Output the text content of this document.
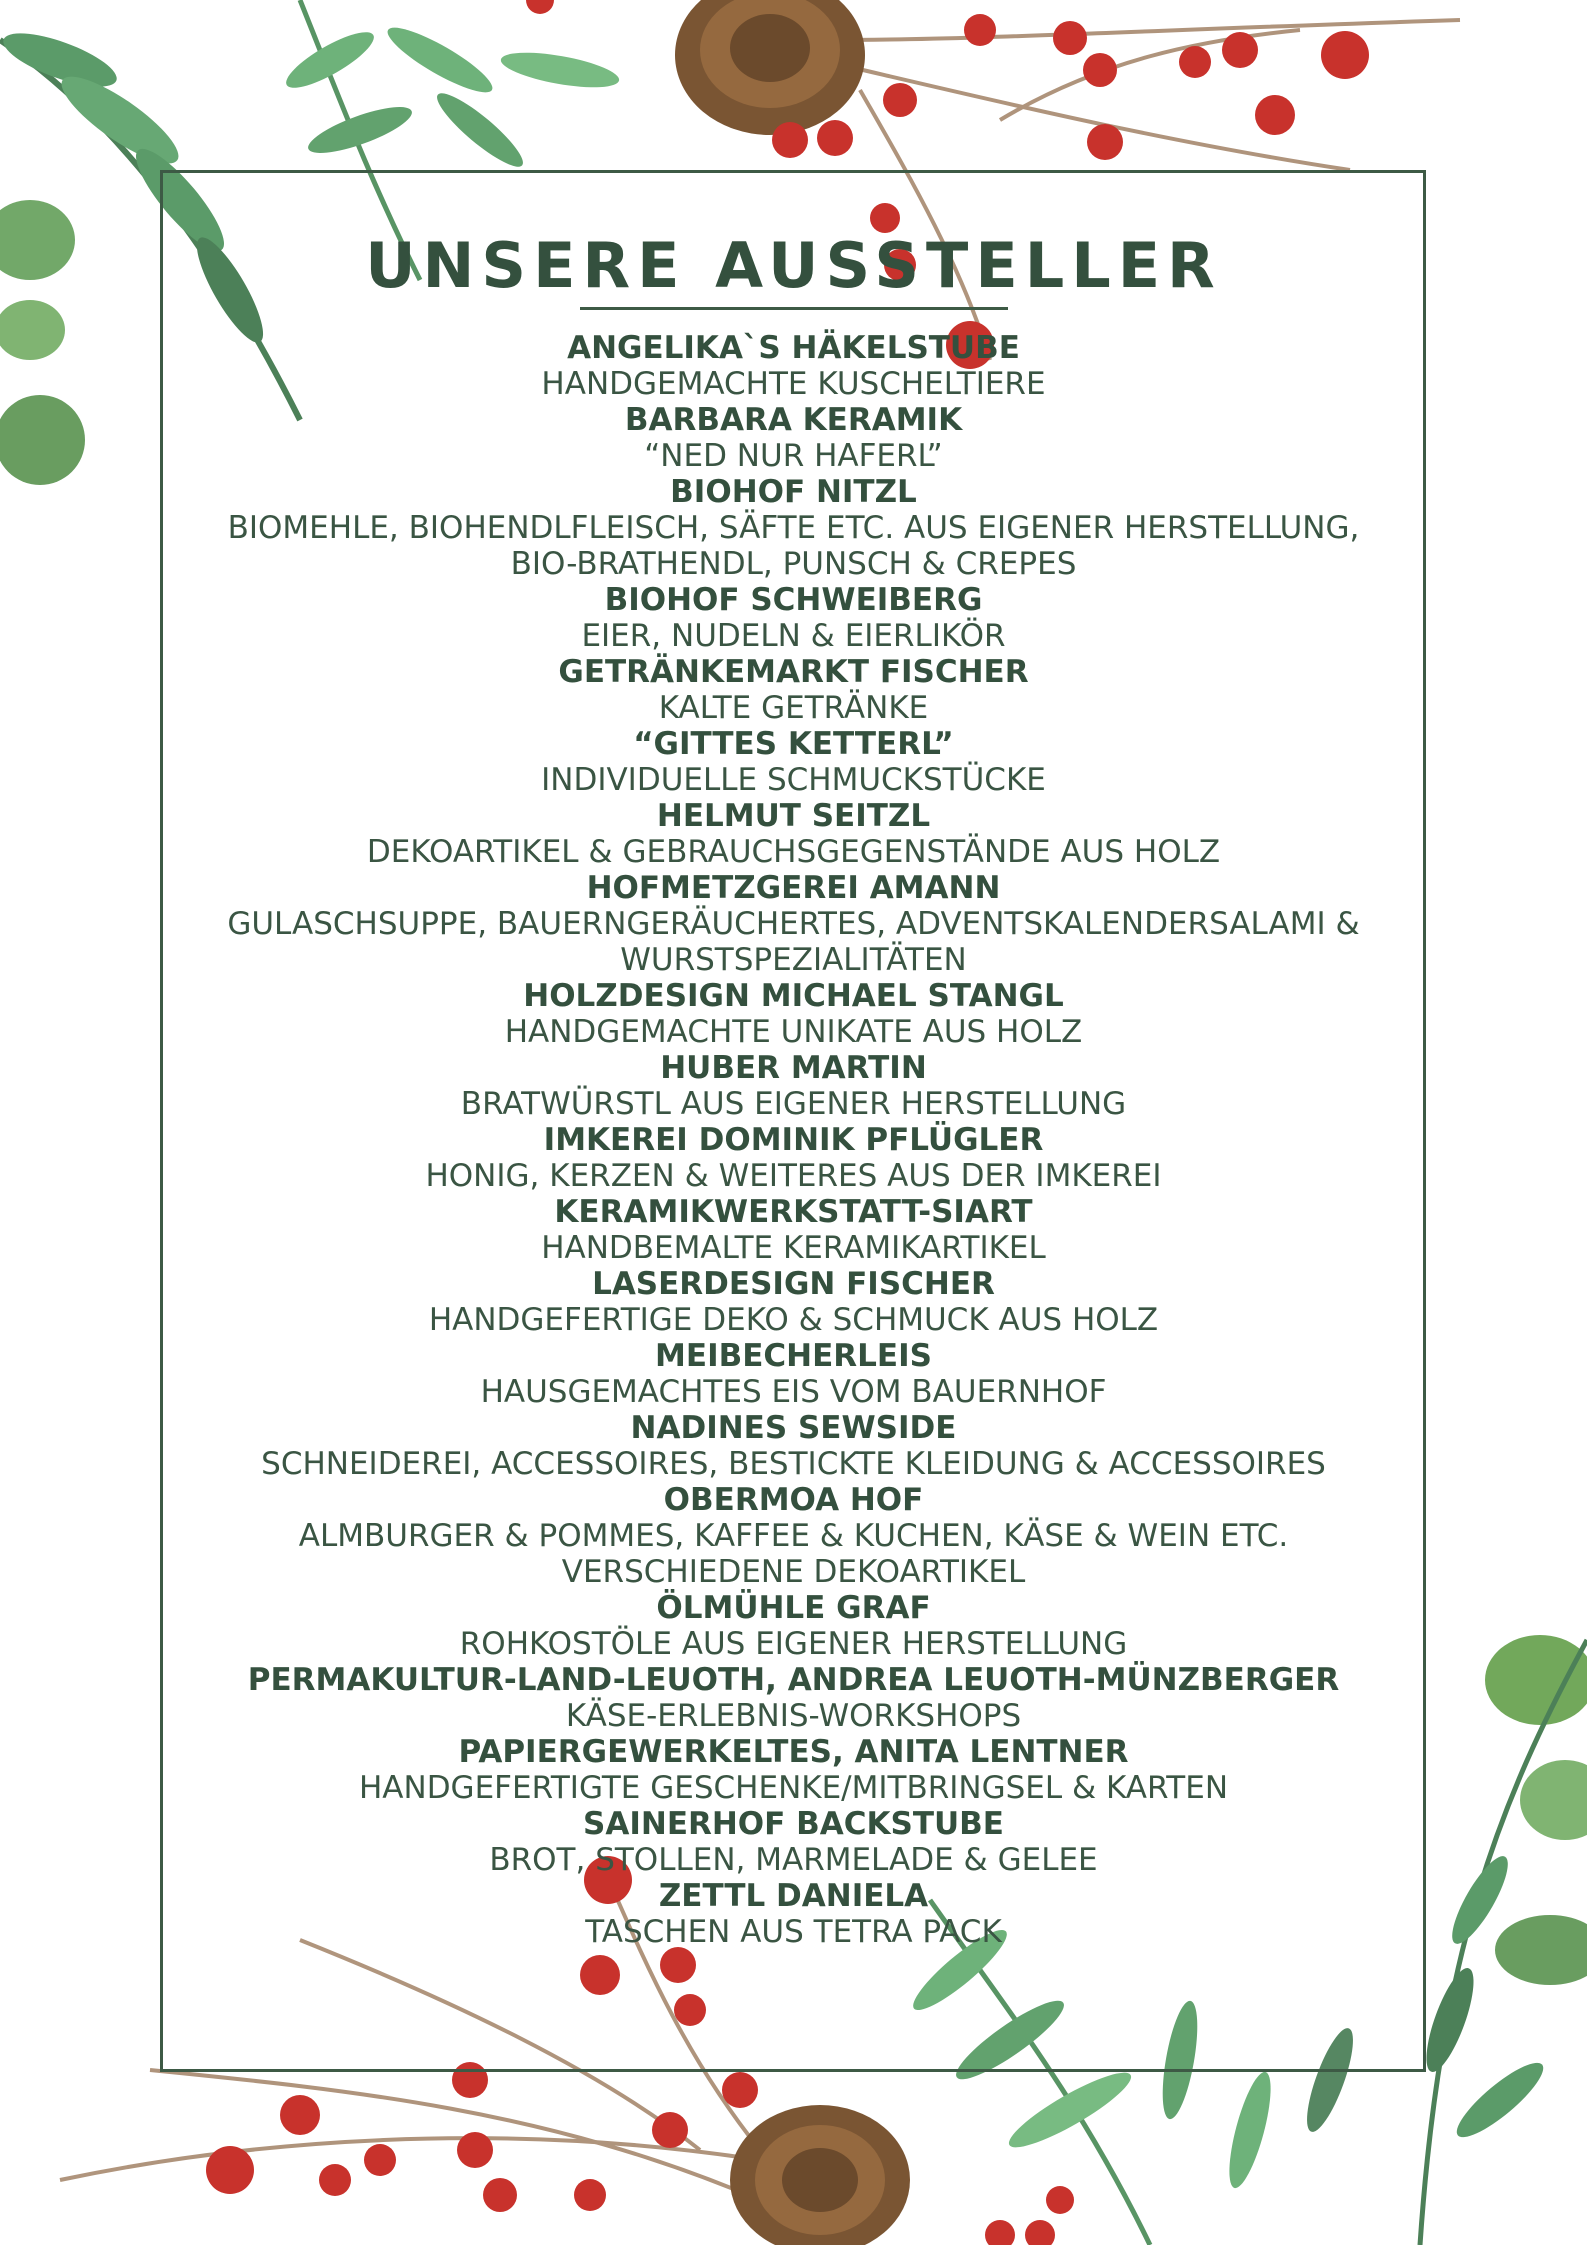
UNSERE AUSSTELLER
ANGELIKA`S HÄKELSTUBE
HANDGEMACHTE KUSCHELTIERE
BARBARA KERAMIK
“NED NUR HAFERL”
BIOHOF NITZL
BIOMEHLE, BIOHENDLFLEISCH, SÄFTE ETC. AUS EIGENER HERSTELLUNG,
BIO-BRATHENDL, PUNSCH & CREPES
BIOHOF SCHWEIBERG
EIER, NUDELN & EIERLIKÖR
GETRÄNKEMARKT FISCHER
KALTE GETRÄNKE
“GITTES KETTERL”
INDIVIDUELLE SCHMUCKSTÜCKE
HELMUT SEITZL
DEKOARTIKEL & GEBRAUCHSGEGENSTÄNDE AUS HOLZ
HOFMETZGEREI AMANN
GULASCHSUPPE, BAUERNGERÄUCHERTES, ADVENTSKALENDERSALAMI &
WURSTSPEZIALITÄTEN
HOLZDESIGN MICHAEL STANGL
HANDGEMACHTE UNIKATE AUS HOLZ
HUBER MARTIN
BRATWÜRSTL AUS EIGENER HERSTELLUNG
IMKEREI DOMINIK PFLÜGLER
HONIG, KERZEN & WEITERES AUS DER IMKEREI
KERAMIKWERKSTATT-SIART
HANDBEMALTE KERAMIKARTIKEL
LASERDESIGN FISCHER
HANDGEFERTIGE DEKO & SCHMUCK AUS HOLZ
MEIBECHERLEIS
HAUSGEMACHTES EIS VOM BAUERNHOF
NADINES SEWSIDE
SCHNEIDEREI, ACCESSOIRES, BESTICKTE KLEIDUNG & ACCESSOIRES
OBERMOA HOF
ALMBURGER & POMMES, KAFFEE & KUCHEN, KÄSE & WEIN ETC.
VERSCHIEDENE DEKOARTIKEL
ÖLMÜHLE GRAF
ROHKOSTÖLE AUS EIGENER HERSTELLUNG
PERMAKULTUR-LAND-LEUOTH, ANDREA LEUOTH-MÜNZBERGER
KÄSE-ERLEBNIS-WORKSHOPS
PAPIERGEWERKELTES, ANITA LENTNER
HANDGEFERTIGTE GESCHENKE/MITBRINGSEL & KARTEN
SAINERHOF BACKSTUBE
BROT, STOLLEN, MARMELADE & GELEE
ZETTL DANIELA
TASCHEN AUS TETRA PACK
